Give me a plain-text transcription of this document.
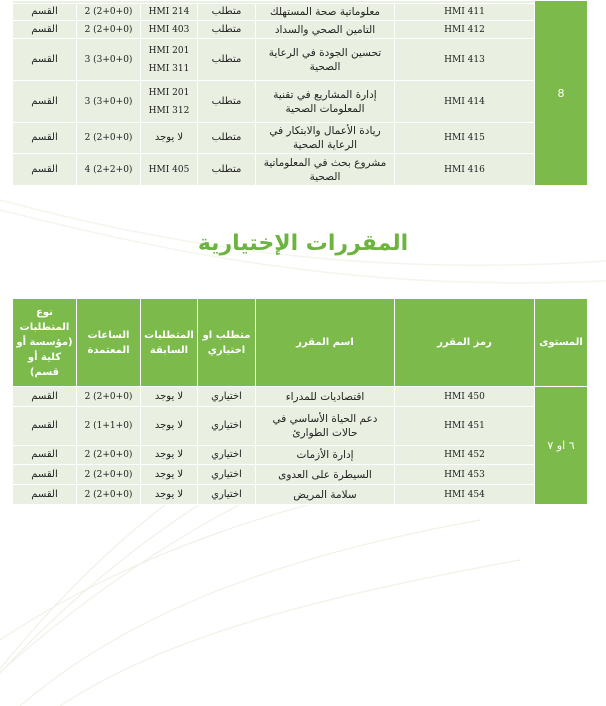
8						
	HMI 411	معلوماتية صحة المستهلك	متطلب	HMI 214	2 (2+0+0)	القسم
	HMI 412	التامين الصحي والسداد	متطلب	HMI 403	2 (2+0+0)	القسم
	HMI 413	تحسين الجودة في الرعاية الصحية	متطلب	HMI 201
HMI 311	3 (3+0+0)	القسم
	HMI 414	إدارة المشاريع في تقنية المعلومات الصحية	متطلب	HMI 201
HMI 312	3 (3+0+0)	القسم
	HMI 415	ريادة الأعمال والابتكار في الرعاية الصحية	متطلب	لا يوجد	2 (2+0+0)	القسم
	HMI 416	مشروع بحث في المعلوماتية الصحية	متطلب	HMI 405	4 (2+2+0)	القسم
المقررات الإختيارية
المستوى	رمز المقرر	اسم المقرر	متطلب او اختياري	المتطلبات السابقة	الساعات المعتمدة	نوع المتطلبات
(مؤسسة أو كلية أو قسم)

٦ او ٧	HMI 450	اقتصاديات للمدراء	اختياري	لا يوجد	2 (2+0+0)	القسم
	HMI 451	دعم الحياة الأساسي في حالات الطوارئ	اختياري	لا يوجد	2 (1+1+0)	القسم
	HMI 452	إدارة الأزمات	اختياري	لا يوجد	2 (2+0+0)	القسم
	HMI 453	السيطرة على العدوى	اختياري	لا يوجد	2 (2+0+0)	القسم
	HMI 454	سلامة المريض	اختياري	لا يوجد	2 (2+0+0)	القسم
